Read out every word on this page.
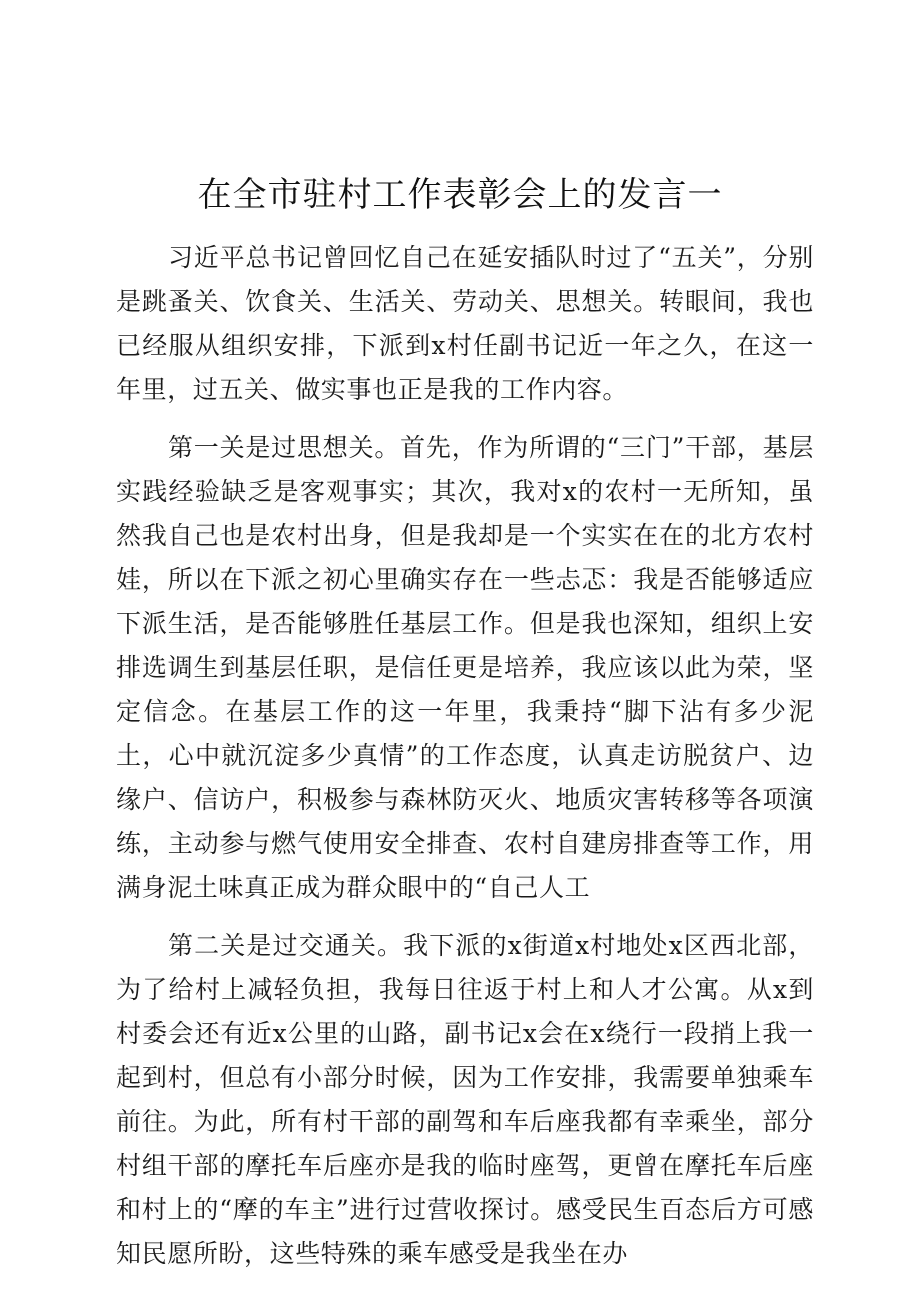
在全市驻村工作表彰会上的发言一

习近平总书记曾回忆自己在延安插队时过了“五关”，分别是跳蚤关、饮食关、生活关、劳动关、思想关。转眼间，我也已经服从组织安排，下派到x村任副书记近一年之久，在这一年里，过五关、做实事也正是我的工作内容。

第一关是过思想关。首先，作为所谓的“三门”干部，基层实践经验缺乏是客观事实；其次，我对x的农村一无所知，虽然我自己也是农村出身，但是我却是一个实实在在的北方农村娃，所以在下派之初心里确实存在一些忐忑：我是否能够适应下派生活，是否能够胜任基层工作。但是我也深知，组织上安排选调生到基层任职，是信任更是培养，我应该以此为荣，坚定信念。在基层工作的这一年里，我秉持“脚下沾有多少泥土，心中就沉淀多少真情”的工作态度，认真走访脱贫户、边缘户、信访户，积极参与森林防灭火、地质灾害转移等各项演练，主动参与燃气使用安全排查、农村自建房排查等工作，用满身泥土味真正成为群众眼中的“自己人工

第二关是过交通关。我下派的x街道x村地处x区西北部，为了给村上减轻负担，我每日往返于村上和人才公寓。从x到村委会还有近x公里的山路，副书记x会在x绕行一段捎上我一起到村，但总有小部分时候，因为工作安排，我需要单独乘车前往。为此，所有村干部的副驾和车后座我都有幸乘坐，部分村组干部的摩托车后座亦是我的临时座驾，更曾在摩托车后座和村上的“摩的车主”进行过营收探讨。感受民生百态后方可感知民愿所盼，这些特殊的乘车感受是我坐在办
